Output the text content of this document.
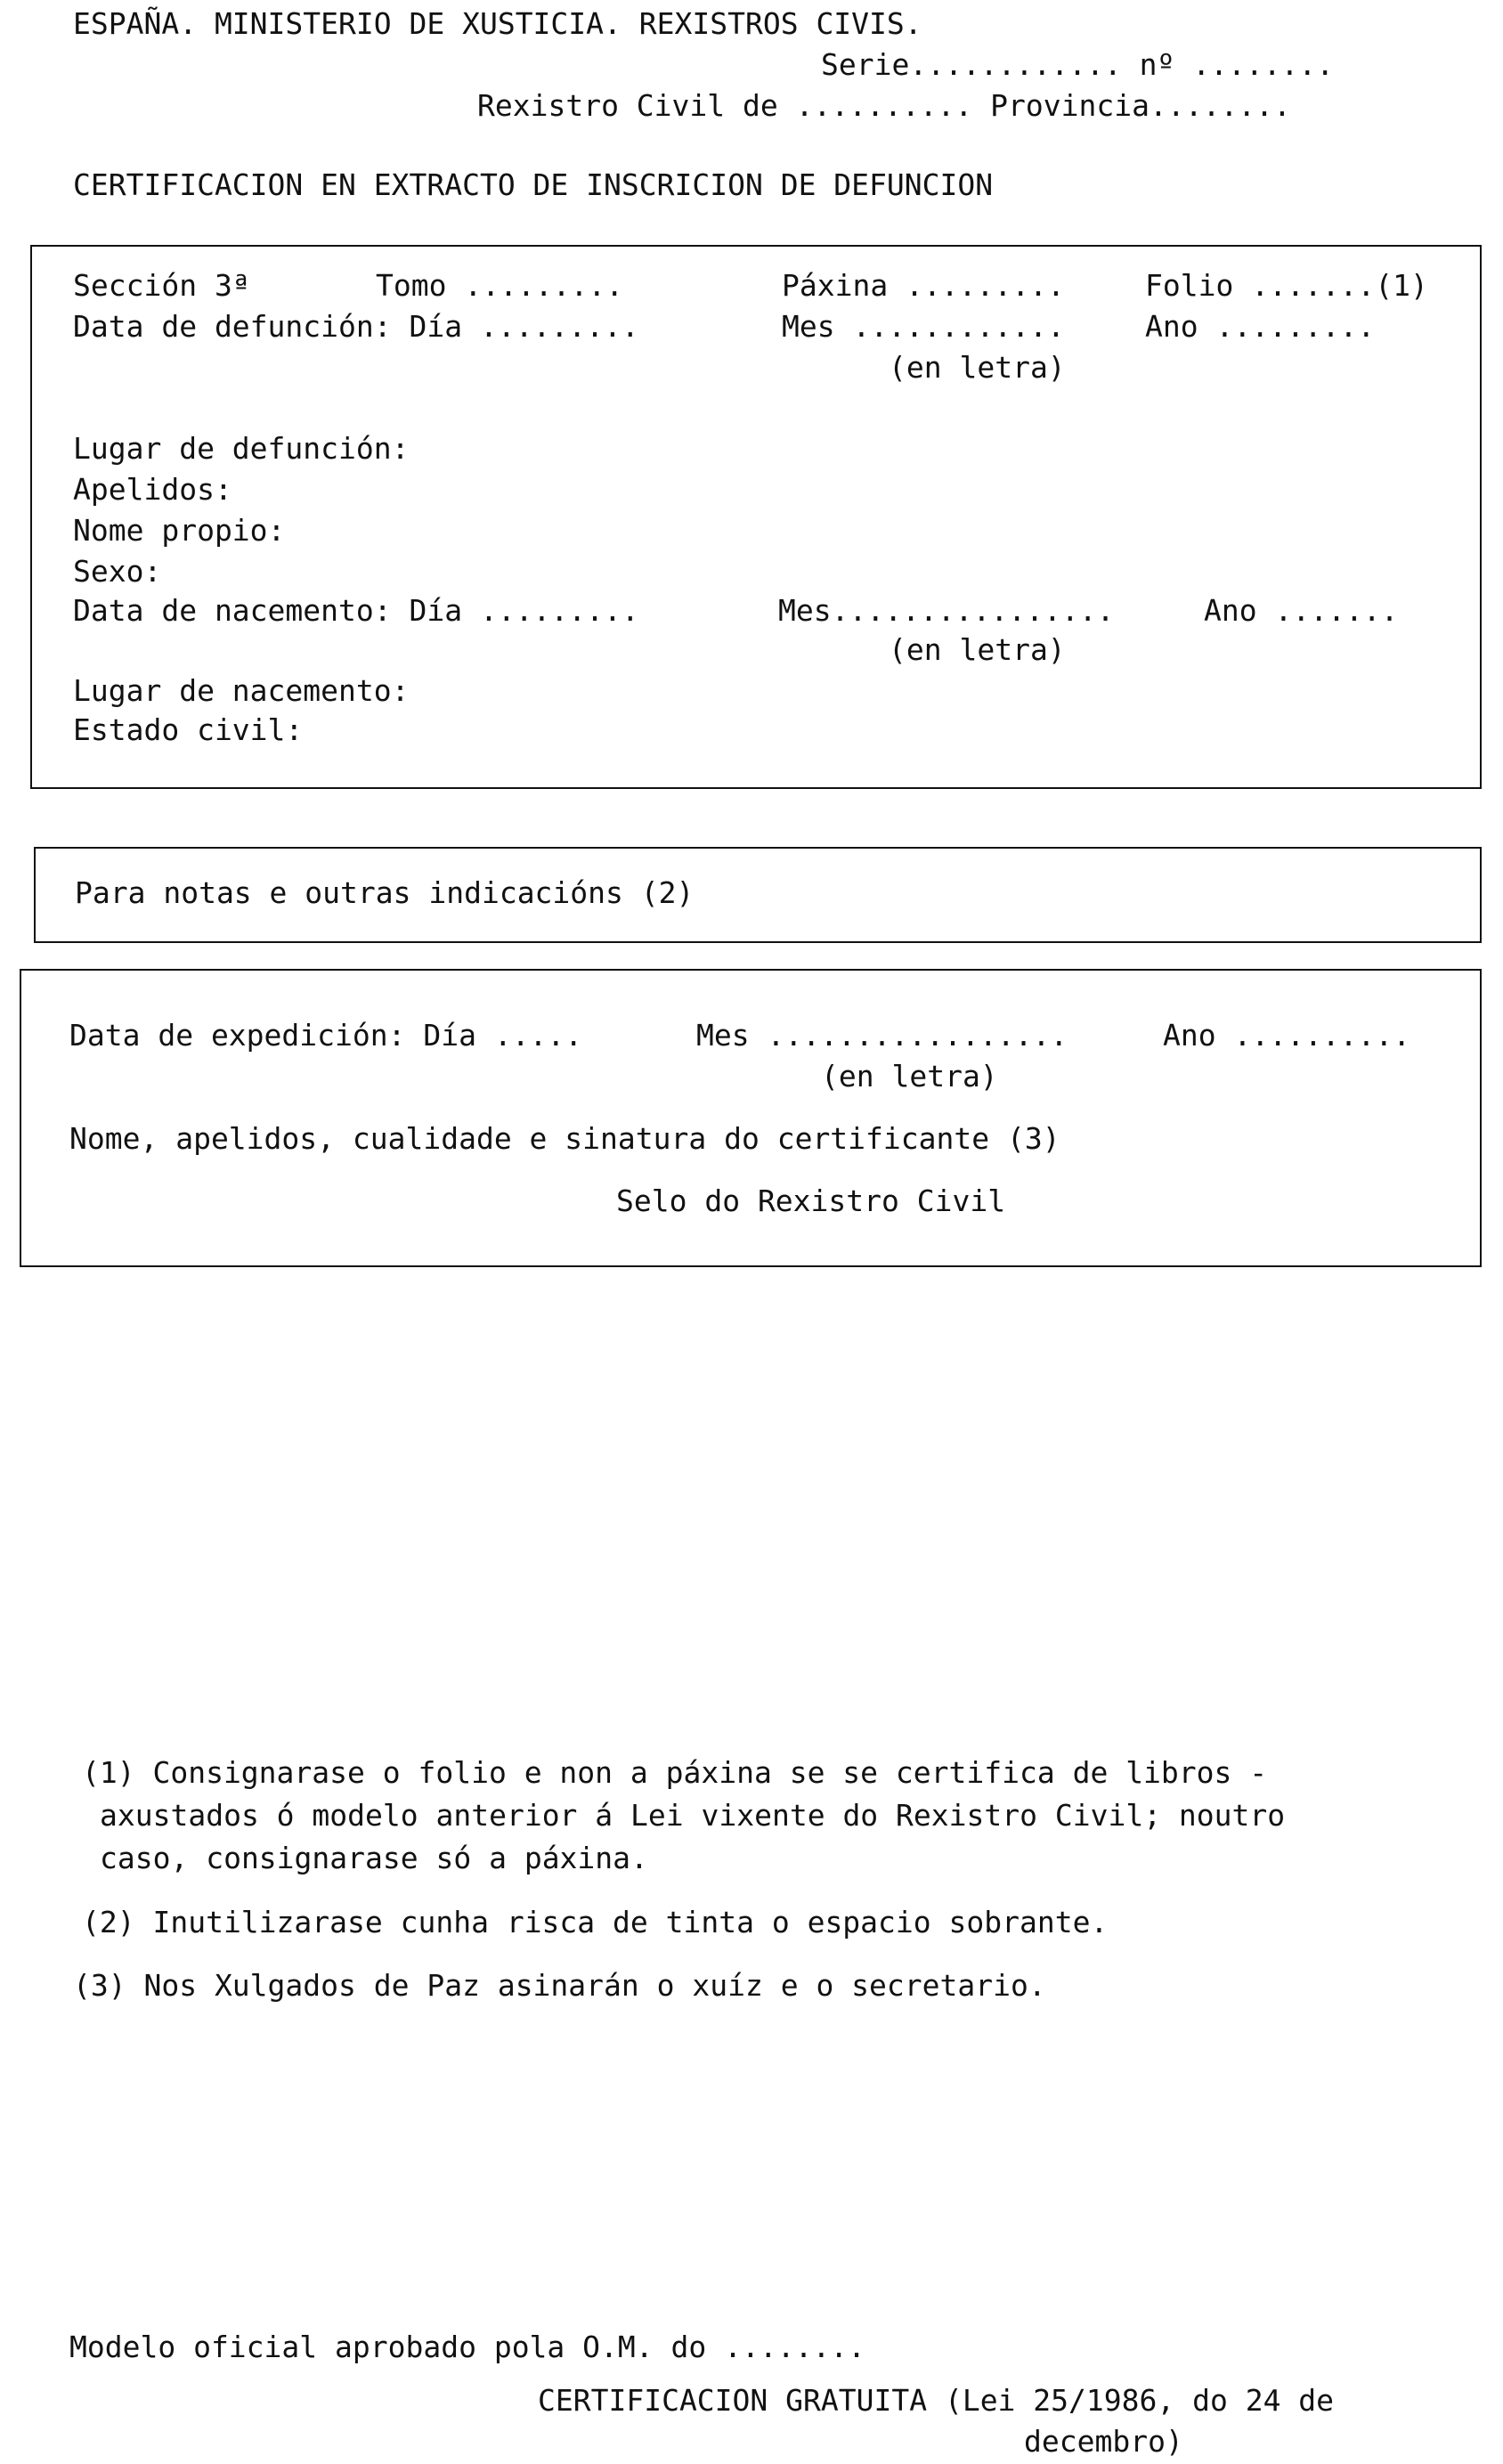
ESPAÑA. MINISTERIO DE XUSTICIA. REXISTROS CIVIS.
Serie............ nº ........
Rexistro Civil de .......... Provincia........
CERTIFICACION EN EXTRACTO DE INSCRICION DE DEFUNCION
Sección 3ª	Tomo .........	Páxina .........	Folio .......(1)
Data de defunción: Día .........	Mes ............	Ano .........
(en letra)
Lugar de defunción:
Apelidos:
Nome propio:
Sexo:
Data de nacemento: Día .........	Mes................	Ano .......
(en letra)
Lugar de nacemento:
Estado civil:
Para notas e outras indicacións (2)
Data de expedición: Día .....	Mes .................	Ano ..........
(en letra)
Nome, apelidos, cualidade e sinatura do certificante (3)
Selo do Rexistro Civil
(1) Consignarase o folio e non a páxina se se certifica de libros -
axustados ó modelo anterior á Lei vixente do Rexistro Civil; noutro
caso, consignarase só a páxina.
(2) Inutilizarase cunha risca de tinta o espacio sobrante.
(3) Nos Xulgados de Paz asinarán o xuíz e o secretario.
Modelo oficial aprobado pola O.M. do ........
CERTIFICACION GRATUITA (Lei 25/1986, do 24 de
decembro)
